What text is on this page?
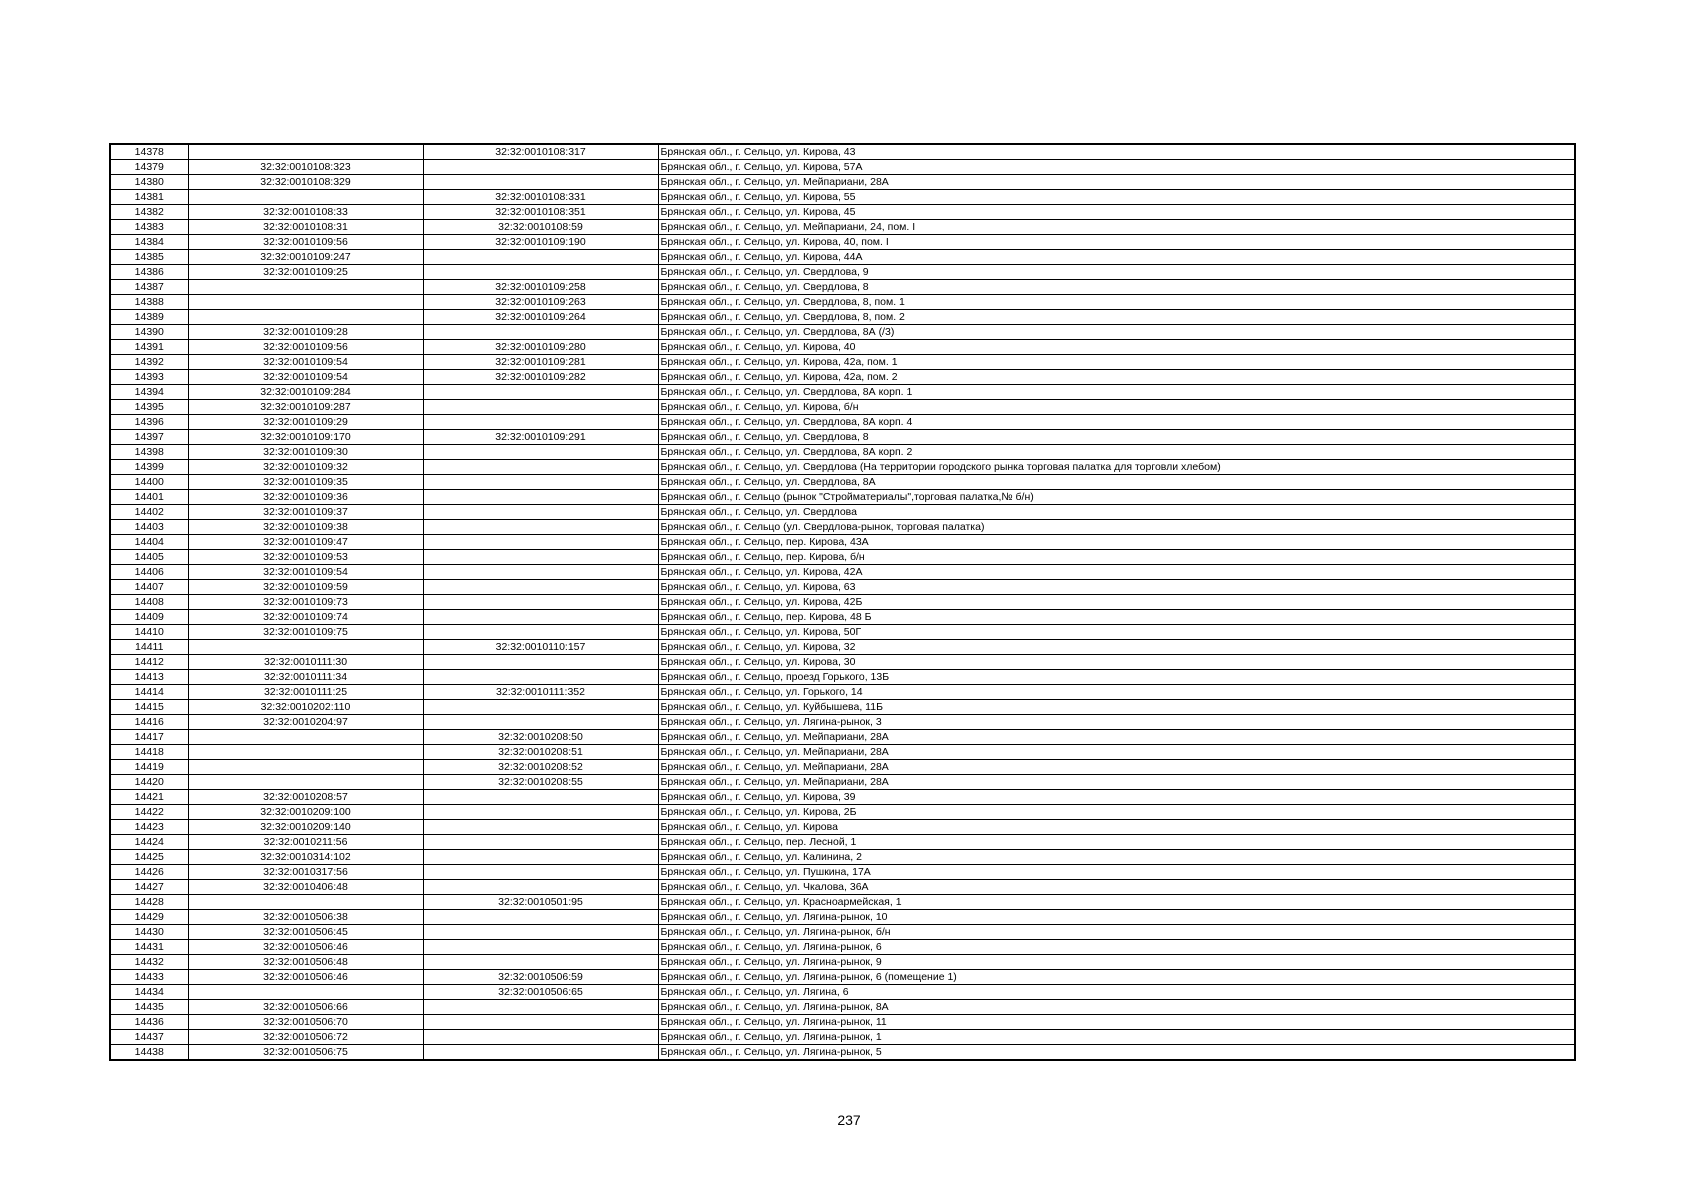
14378		32:32:0010108:317	Брянская обл., г. Сельцо, ул. Кирова, 43
14379	32:32:0010108:323		Брянская обл., г. Сельцо, ул. Кирова, 57А
14380	32:32:0010108:329		Брянская обл., г. Сельцо, ул. Мейпариани, 28А
14381		32:32:0010108:331	Брянская обл., г. Сельцо, ул. Кирова, 55
14382	32:32:0010108:33	32:32:0010108:351	Брянская обл., г. Сельцо, ул. Кирова, 45
14383	32:32:0010108:31	32:32:0010108:59	Брянская обл., г. Сельцо, ул. Мейпариани, 24, пом. I
14384	32:32:0010109:56	32:32:0010109:190	Брянская обл., г. Сельцо, ул. Кирова, 40, пом. I
14385	32:32:0010109:247		Брянская обл., г. Сельцо, ул. Кирова, 44А
14386	32:32:0010109:25		Брянская обл., г. Сельцо, ул. Свердлова, 9
14387		32:32:0010109:258	Брянская обл., г. Сельцо, ул. Свердлова, 8
14388		32:32:0010109:263	Брянская обл., г. Сельцо, ул. Свердлова, 8, пом. 1
14389		32:32:0010109:264	Брянская обл., г. Сельцо, ул. Свердлова, 8, пом. 2
14390	32:32:0010109:28		Брянская обл., г. Сельцо, ул. Свердлова, 8А (/3)
14391	32:32:0010109:56	32:32:0010109:280	Брянская обл., г. Сельцо, ул. Кирова, 40
14392	32:32:0010109:54	32:32:0010109:281	Брянская обл., г. Сельцо, ул. Кирова, 42а, пом. 1
14393	32:32:0010109:54	32:32:0010109:282	Брянская обл., г. Сельцо, ул. Кирова, 42а, пом. 2
14394	32:32:0010109:284		Брянская обл., г. Сельцо, ул. Свердлова, 8А корп. 1
14395	32:32:0010109:287		Брянская обл., г. Сельцо, ул. Кирова, б/н
14396	32:32:0010109:29		Брянская обл., г. Сельцо, ул. Свердлова, 8А корп. 4
14397	32:32:0010109:170	32:32:0010109:291	Брянская обл., г. Сельцо, ул. Свердлова, 8
14398	32:32:0010109:30		Брянская обл., г. Сельцо, ул. Свердлова, 8А корп. 2
14399	32:32:0010109:32		Брянская обл., г. Сельцо, ул. Свердлова (На территории городского рынка торговая палатка для торговли хлебом)
14400	32:32:0010109:35		Брянская обл., г. Сельцо, ул. Свердлова, 8А
14401	32:32:0010109:36		Брянская обл., г. Сельцо (рынок "Стройматериалы",торговая палатка,№ б/н)
14402	32:32:0010109:37		Брянская обл., г. Сельцо, ул. Свердлова
14403	32:32:0010109:38		Брянская обл., г. Сельцо (ул. Свердлова-рынок, торговая палатка)
14404	32:32:0010109:47		Брянская обл., г. Сельцо, пер. Кирова, 43А
14405	32:32:0010109:53		Брянская обл., г. Сельцо, пер. Кирова, б/н
14406	32:32:0010109:54		Брянская обл., г. Сельцо, ул. Кирова, 42А
14407	32:32:0010109:59		Брянская обл., г. Сельцо, ул. Кирова, 63
14408	32:32:0010109:73		Брянская обл., г. Сельцо, ул. Кирова, 42Б
14409	32:32:0010109:74		Брянская обл., г. Сельцо, пер. Кирова, 48 Б
14410	32:32:0010109:75		Брянская обл., г. Сельцо, ул. Кирова, 50Г
14411		32:32:0010110:157	Брянская обл., г. Сельцо, ул. Кирова, 32
14412	32:32:0010111:30		Брянская обл., г. Сельцо, ул. Кирова, 30
14413	32:32:0010111:34		Брянская обл., г. Сельцо, проезд Горького, 13Б
14414	32:32:0010111:25	32:32:0010111:352	Брянская обл., г. Сельцо, ул. Горького, 14
14415	32:32:0010202:110		Брянская обл., г. Сельцо, ул. Куйбышева, 11Б
14416	32:32:0010204:97		Брянская обл., г. Сельцо, ул. Лягина-рынок, 3
14417		32:32:0010208:50	Брянская обл., г. Сельцо, ул. Мейпариани, 28А
14418		32:32:0010208:51	Брянская обл., г. Сельцо, ул. Мейпариани, 28А
14419		32:32:0010208:52	Брянская обл., г. Сельцо, ул. Мейпариани, 28А
14420		32:32:0010208:55	Брянская обл., г. Сельцо, ул. Мейпариани, 28А
14421	32:32:0010208:57		Брянская обл., г. Сельцо, ул. Кирова, 39
14422	32:32:0010209:100		Брянская обл., г. Сельцо, ул. Кирова, 2Б
14423	32:32:0010209:140		Брянская обл., г. Сельцо, ул. Кирова
14424	32:32:0010211:56		Брянская обл., г. Сельцо, пер. Лесной, 1
14425	32:32:0010314:102		Брянская обл., г. Сельцо, ул. Калинина, 2
14426	32:32:0010317:56		Брянская обл., г. Сельцо, ул. Пушкина, 17А
14427	32:32:0010406:48		Брянская обл., г. Сельцо, ул. Чкалова, 36А
14428		32:32:0010501:95	Брянская обл., г. Сельцо, ул. Красноармейская, 1
14429	32:32:0010506:38		Брянская обл., г. Сельцо, ул. Лягина-рынок, 10
14430	32:32:0010506:45		Брянская обл., г. Сельцо, ул. Лягина-рынок, б/н
14431	32:32:0010506:46		Брянская обл., г. Сельцо, ул. Лягина-рынок, 6
14432	32:32:0010506:48		Брянская обл., г. Сельцо, ул. Лягина-рынок, 9
14433	32:32:0010506:46	32:32:0010506:59	Брянская обл., г. Сельцо, ул. Лягина-рынок, 6 (помещение 1)
14434		32:32:0010506:65	Брянская обл., г. Сельцо, ул. Лягина, 6
14435	32:32:0010506:66		Брянская обл., г. Сельцо, ул. Лягина-рынок, 8А
14436	32:32:0010506:70		Брянская обл., г. Сельцо, ул. Лягина-рынок, 11
14437	32:32:0010506:72		Брянская обл., г. Сельцо, ул. Лягина-рынок, 1
14438	32:32:0010506:75		Брянская обл., г. Сельцо, ул. Лягина-рынок, 5
237
